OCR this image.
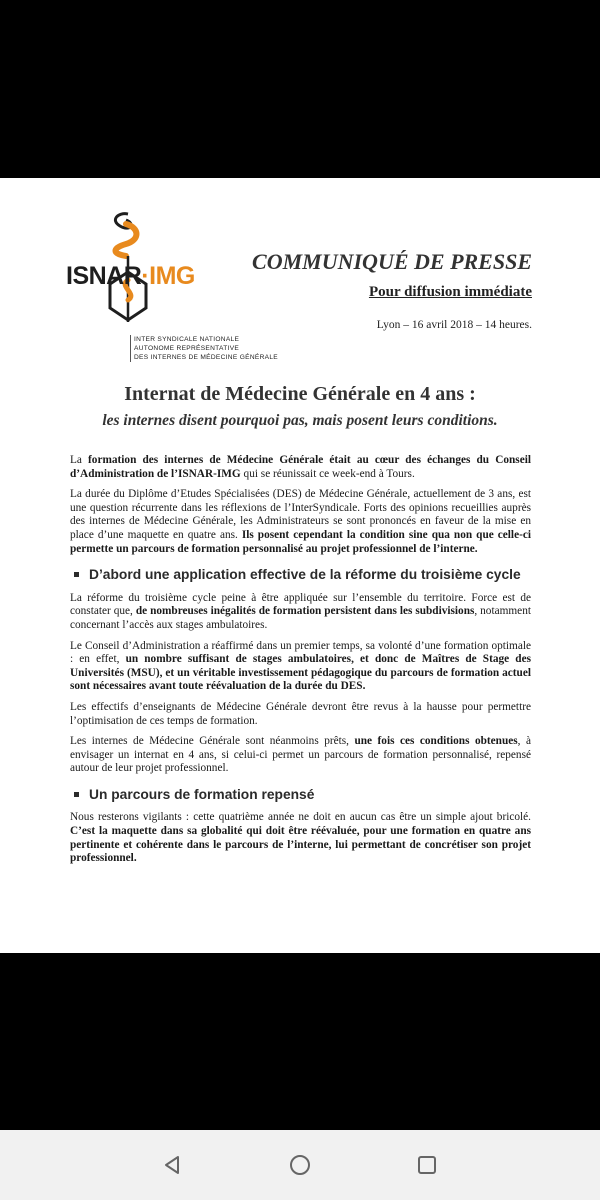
ISNAR·IMG
INTER SYNDICALE NATIONALE
AUTONOME REPRÉSENTATIVE
DES INTERNES DE MÉDECINE GÉNÉRALE
COMMUNIQUÉ DE PRESSE
Pour diffusion immédiate
Lyon – 16 avril 2018 – 14 heures.
Internat de Médecine Générale en 4 ans :
les internes disent pourquoi pas, mais posent leurs conditions.

La formation des internes de Médecine Générale était au cœur des échanges du Conseil d’Administration de l’ISNAR-IMG qui se réunissait ce week-end à Tours.

La durée du Diplôme d’Etudes Spécialisées (DES) de Médecine Générale, actuellement de 3 ans, est une question récurrente dans les réflexions de l’InterSyndicale. Forts des opinions recueillies auprès des internes de Médecine Générale, les Administrateurs se sont prononcés en faveur de la mise en place d’une maquette en quatre ans. Ils posent cependant la condition sine qua non que celle-ci permette un parcours de formation personnalisé au projet professionnel de l’interne.

D’abord une application effective de la réforme du troisième cycle

La réforme du troisième cycle peine à être appliquée sur l’ensemble du territoire. Force est de constater que, de nombreuses inégalités de formation persistent dans les subdivisions, notamment concernant l’accès aux stages ambulatoires.

Le Conseil d’Administration a réaffirmé dans un premier temps, sa volonté d’une formation optimale : en effet, un nombre suffisant de stages ambulatoires, et donc de Maîtres de Stage des Universités (MSU), et un véritable investissement pédagogique du parcours de formation actuel sont nécessaires avant toute réévaluation de la durée du DES.

Les effectifs d’enseignants de Médecine Générale devront être revus à la hausse pour permettre l’optimisation de ces temps de formation.

Les internes de Médecine Générale sont néanmoins prêts, une fois ces conditions obtenues, à envisager un internat en 4 ans, si celui-ci permet un parcours de formation personnalisé, repensé autour de leur projet professionnel.

Un parcours de formation repensé

Nous resterons vigilants : cette quatrième année ne doit en aucun cas être un simple ajout bricolé. C’est la maquette dans sa globalité qui doit être réévaluée, pour une formation en quatre ans pertinente et cohérente dans le parcours de l’interne, lui permettant de concrétiser son projet professionnel.
